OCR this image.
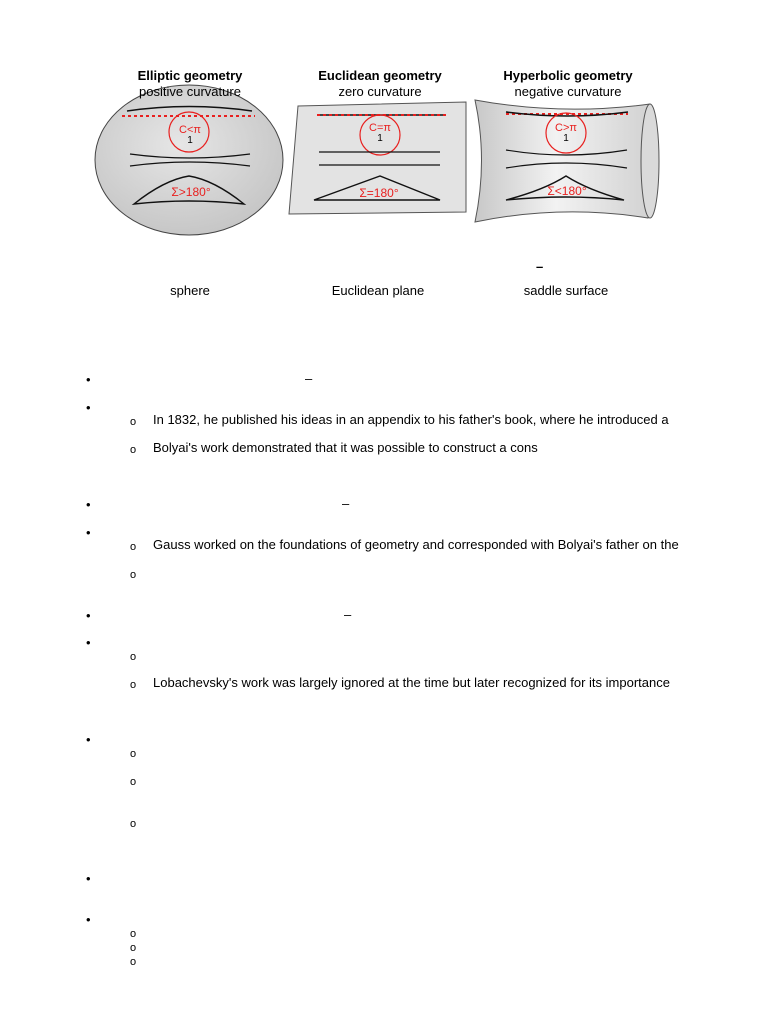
Elliptic geometry
positive curvature
Euclidean geometry
zero curvature
Hyperbolic geometry
negative curvature
C<π
1
Σ>180°
C=π
1
Σ=180°
C>π
1
Σ<180°
sphere	Euclidean plane	saddle surface
–
•	–
•
o In 1832, he published his ideas in an appendix to his father's book, where he introduced a
o Bolyai's work demonstrated that it was possible to construct a cons
•	–
•
o Gauss worked on the foundations of geometry and corresponded with Bolyai's father on the
o
•	–
•
o
o Lobachevsky's work was largely ignored at the time but later recognized for its importance
•
o
o
o
•
•
o
o
o
